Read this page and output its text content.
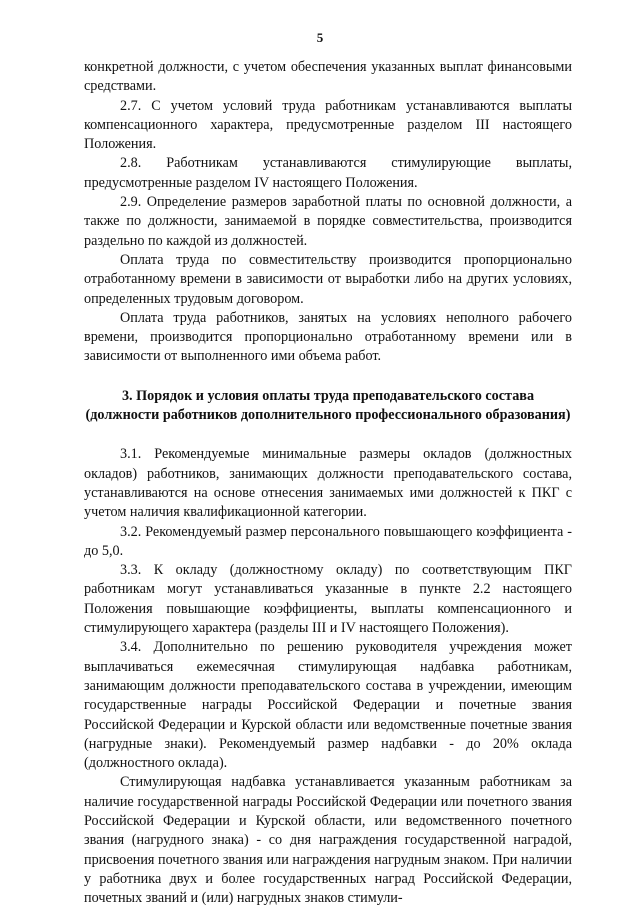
5

конкретной должности, с учетом обеспечения указанных выплат финансовыми средствами.

2.7. С учетом условий труда работникам устанавливаются выплаты компенсационного характера, предусмотренные разделом III настоящего Положения.

2.8. Работникам устанавливаются стимулирующие выплаты, предусмотренные разделом IV настоящего Положения.

2.9. Определение размеров заработной платы по основной должности, а также по должности, занимаемой в порядке совместительства, производится раздельно по каждой из должностей.

Оплата труда по совместительству производится пропорционально отработанному времени в зависимости от выработки либо на других условиях, определенных трудовым договором.

Оплата труда работников, занятых на условиях неполного рабочего времени, производится пропорционально отработанному времени или в зависимости от выполненного ими объема работ.

3. Порядок и условия оплаты труда преподавательского состава (должности работников дополнительного профессионального образования)

3.1. Рекомендуемые минимальные размеры окладов (должностных окладов) работников, занимающих должности преподавательского состава, устанавливаются на основе отнесения занимаемых ими должностей к ПКГ с учетом наличия квалификационной категории.

3.2. Рекомендуемый размер персонального повышающего коэффициента - до 5,0.

3.3. К окладу (должностному окладу) по соответствующим ПКГ работникам могут устанавливаться указанные в пункте 2.2 настоящего Положения повышающие коэффициенты, выплаты компенсационного и стимулирующего характера (разделы III и IV настоящего Положения).

3.4. Дополнительно по решению руководителя учреждения может выплачиваться ежемесячная стимулирующая надбавка работникам, занимающим должности преподавательского состава в учреждении, имеющим государственные награды Российской Федерации и почетные звания Российской Федерации и Курской области или ведомственные почетные звания (нагрудные знаки). Рекомендуемый размер надбавки - до 20% оклада (должностного оклада).

Стимулирующая надбавка устанавливается указанным работникам за наличие государственной награды Российской Федерации или почетного звания Российской Федерации и Курской области, или ведомственного почетного звания (нагрудного знака) - со дня награждения государственной наградой, присвоения почетного звания или награждения нагрудным знаком. При наличии у работника двух и более государственных наград Российской Федерации, почетных званий и (или) нагрудных знаков стимули-
